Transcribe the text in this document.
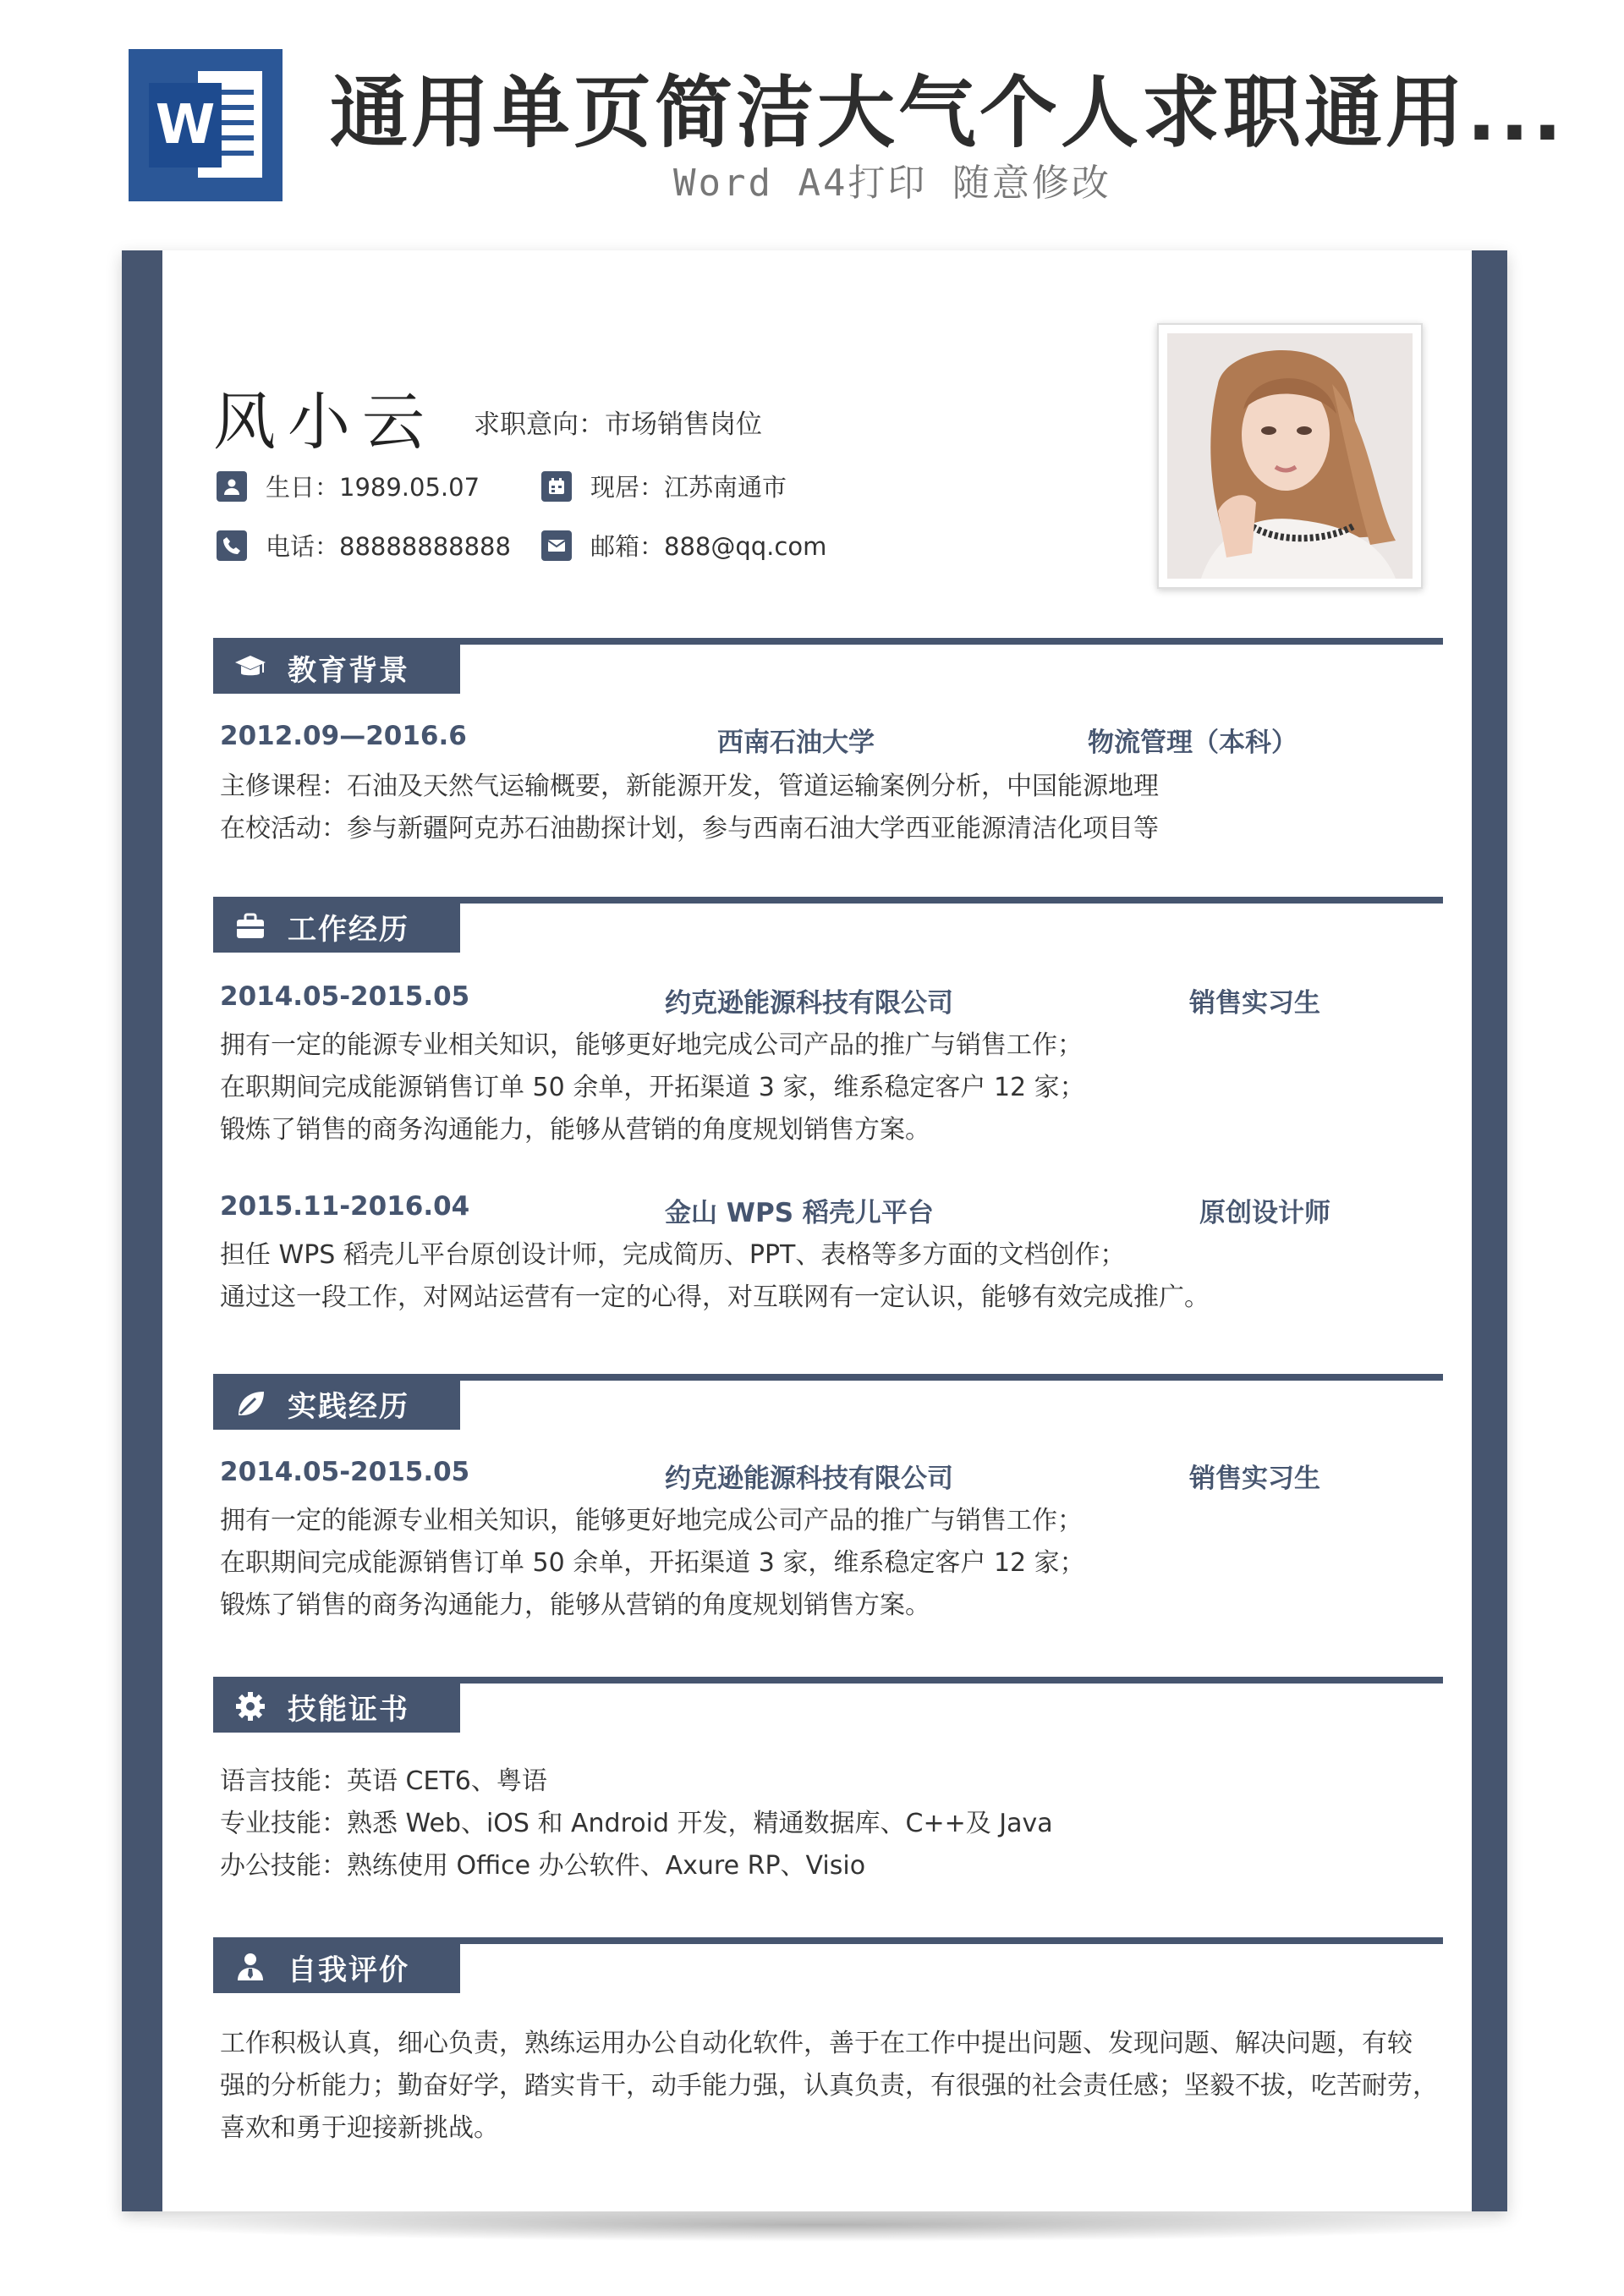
W 通用单页简洁大气个人求职通用...
Word A4打印 随意修改
风小云 求职意向：市场销售岗位
生日：1989.05.07	现居：江苏南通市
电话：88888888888	邮箱：888@qq.com
教育背景
2012.09—2016.6	西南石油大学	物流管理（本科）
主修课程：石油及天然气运输概要，新能源开发，管道运输案例分析，中国能源地理
在校活动：参与新疆阿克苏石油勘探计划，参与西南石油大学西亚能源清洁化项目等
工作经历
2014.05-2015.05	约克逊能源科技有限公司	销售实习生
拥有一定的能源专业相关知识，能够更好地完成公司产品的推广与销售工作；
在职期间完成能源销售订单 50 余单，开拓渠道 3 家，维系稳定客户 12 家；
锻炼了销售的商务沟通能力，能够从营销的角度规划销售方案。
2015.11-2016.04	金山 WPS 稻壳儿平台	原创设计师
担任 WPS 稻壳儿平台原创设计师，完成简历、PPT、表格等多方面的文档创作；
通过这一段工作，对网站运营有一定的心得，对互联网有一定认识，能够有效完成推广。
实践经历
2014.05-2015.05	约克逊能源科技有限公司	销售实习生
拥有一定的能源专业相关知识，能够更好地完成公司产品的推广与销售工作；
在职期间完成能源销售订单 50 余单，开拓渠道 3 家，维系稳定客户 12 家；
锻炼了销售的商务沟通能力，能够从营销的角度规划销售方案。
技能证书
语言技能：英语 CET6、粤语
专业技能：熟悉 Web、iOS 和 Android 开发，精通数据库、C++及 Java
办公技能：熟练使用 Office 办公软件、Axure RP、Visio
自我评价
工作积极认真，细心负责，熟练运用办公自动化软件，善于在工作中提出问题、发现问题、解决问题，有较
强的分析能力；勤奋好学，踏实肯干，动手能力强，认真负责，有很强的社会责任感；坚毅不拔，吃苦耐劳，
喜欢和勇于迎接新挑战。
